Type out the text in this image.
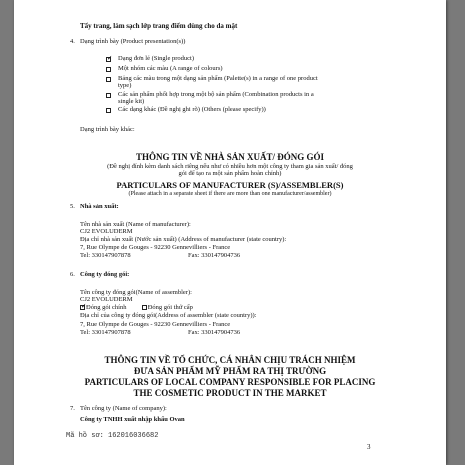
Tẩy trang, làm sạch lớp trang điểm dùng cho da mặt
4. Dạng trình bày (Product presentation(s))
✓
Dạng đơn lẻ (Single product)
Một nhóm các màu (A range of colours)
Bảng các màu trong một dạng sản phẩm (Palette(s) in a range of one product
type)
Các sản phẩm phối hợp trong một bộ sản phẩm (Combination products in a
single kit)
Các dạng khác (Đề nghị ghi rõ) (Others (please specify))
Dạng trình bày khác:
THÔNG TIN VỀ NHÀ SẢN XUẤT/ ĐÓNG GÓI
(Đề nghị đính kèm danh sách riêng nếu như có nhiều hơn một công ty tham gia sản xuất/ đóng
gói để tạo ra một sản phẩm hoàn chỉnh)
PARTICULARS OF MANUFACTURER (S)/ASSEMBLER(S)
(Please attach in a separate sheet if there are more than one manufacturer/assembler)
5. Nhà sản xuất:
Tên nhà sản xuất (Name of manufacturer):
CJ2 EVOLUDERM
Địa chỉ nhà sản xuất (Nước sản xuất) (Address of manufacturer (state country):
7, Rue Olympe de Gouges - 92230 Gennevilliers - France
Tel: 330147907878	Fax: 330147904736
6. Công ty đóng gói:
Tên công ty đóng gói(Name of assembler):
CJ2 EVOLUDERM
✓Đóng gói chính	Đóng gói thứ cấp
Địa chỉ của công ty đóng gói(Address of assembler (state country)):
7, Rue Olympe de Gouges - 92230 Gennevilliers - France
Tel: 330147907878	Fax: 330147904736
THÔNG TIN VỀ TỔ CHỨC, CÁ NHÂN CHỊU TRÁCH NHIỆM
ĐƯA SẢN PHẨM MỸ PHẨM RA THỊ TRƯỜNG
PARTICULARS OF LOCAL COMPANY RESPONSIBLE FOR PLACING
THE COSMETIC PRODUCT IN THE MARKET
7. Tên công ty (Name of company):
Công ty TNHH xuất nhập khẩu Ovan
Mã hồ sơ: 162016036682
3
